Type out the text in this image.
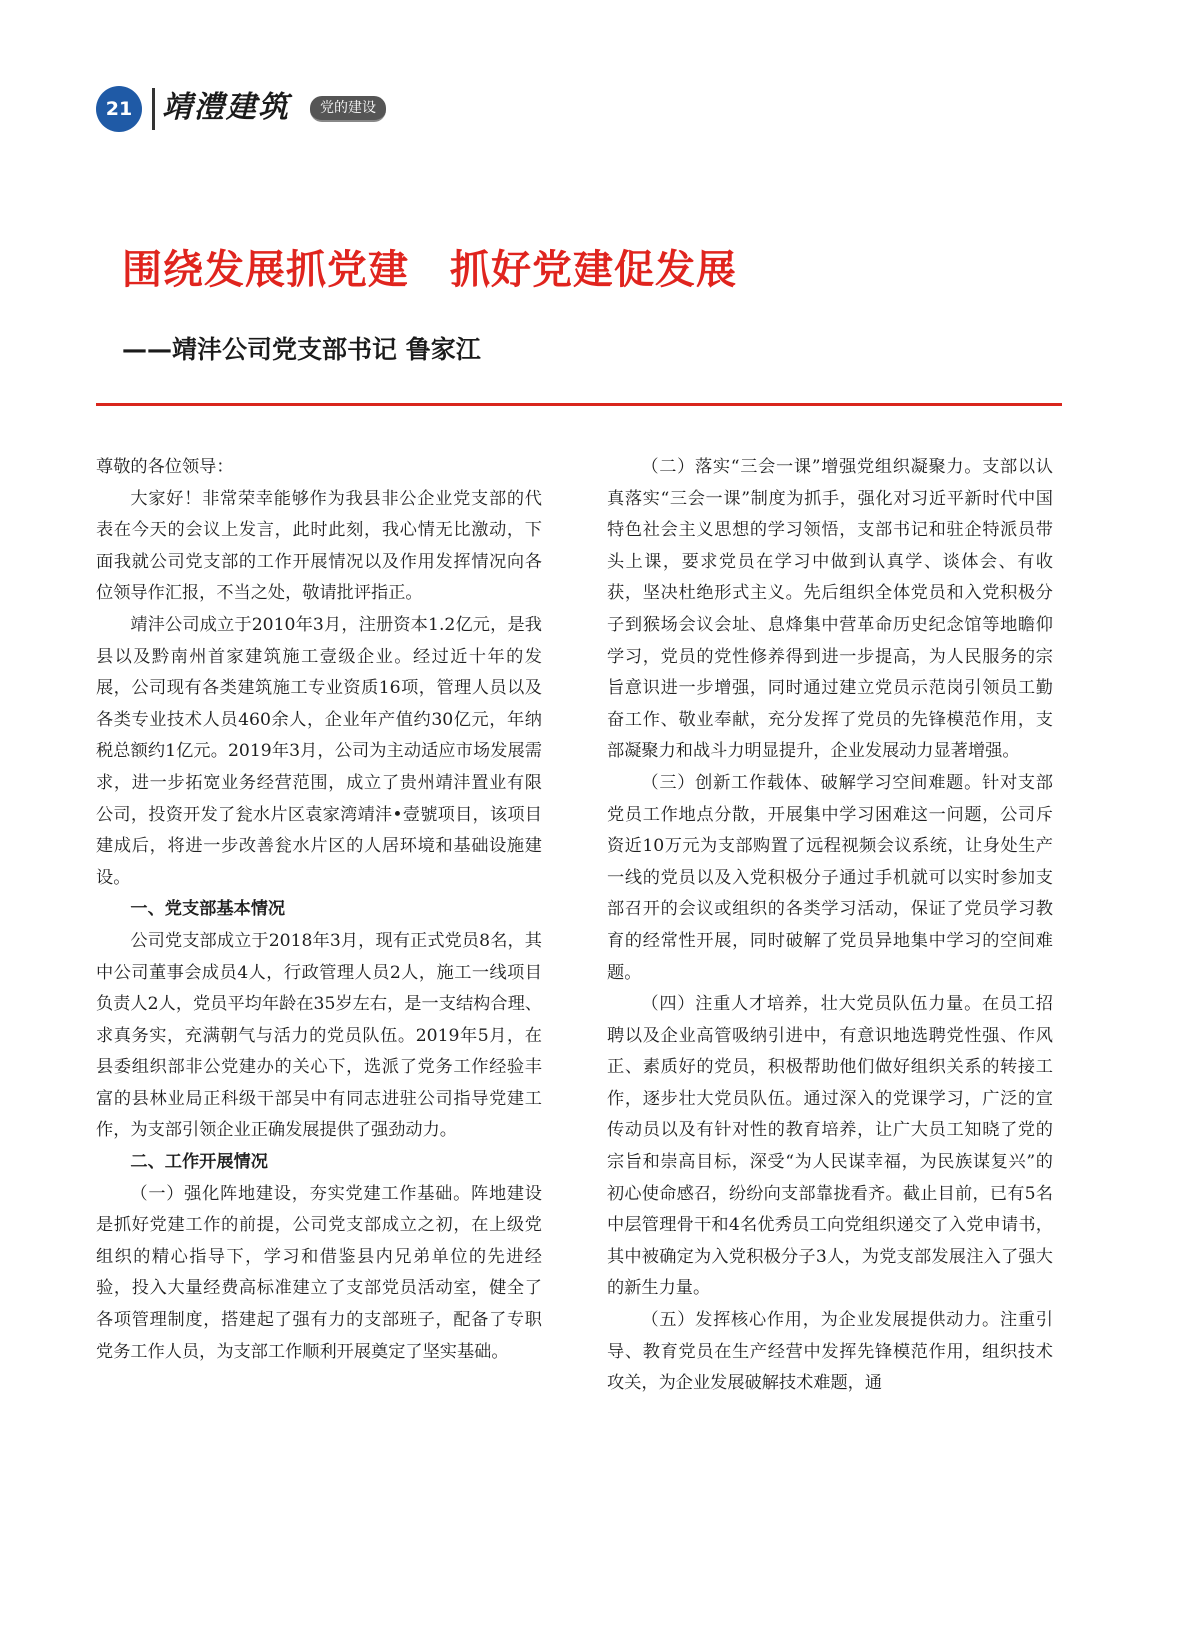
21 靖澧建筑	党的建设
围绕发展抓党建　抓好党建促发展
——靖沣公司党支部书记 鲁家江

尊敬的各位领导：

大家好！非常荣幸能够作为我县非公企业党支部的代表在今天的会议上发言，此时此刻，我心情无比激动，下面我就公司党支部的工作开展情况以及作用发挥情况向各位领导作汇报，不当之处，敬请批评指正。

靖沣公司成立于2010年3月，注册资本1.2亿元，是我县以及黔南州首家建筑施工壹级企业。经过近十年的发展，公司现有各类建筑施工专业资质16项，管理人员以及各类专业技术人员460余人，企业年产值约30亿元，年纳税总额约1亿元。2019年3月，公司为主动适应市场发展需求，进一步拓宽业务经营范围，成立了贵州靖沣置业有限公司，投资开发了瓮水片区袁家湾靖沣•壹號项目，该项目建成后，将进一步改善瓮水片区的人居环境和基础设施建设。

一、党支部基本情况

公司党支部成立于2018年3月，现有正式党员8名，其中公司董事会成员4人，行政管理人员2人，施工一线项目负责人2人，党员平均年龄在35岁左右，是一支结构合理、求真务实，充满朝气与活力的党员队伍。2019年5月，在县委组织部非公党建办的关心下，选派了党务工作经验丰富的县林业局正科级干部吴中有同志进驻公司指导党建工作，为支部引领企业正确发展提供了强劲动力。

二、工作开展情况

（一）强化阵地建设，夯实党建工作基础。阵地建设是抓好党建工作的前提，公司党支部成立之初，在上级党组织的精心指导下，学习和借鉴县内兄弟单位的先进经验，投入大量经费高标准建立了支部党员活动室，健全了各项管理制度，搭建起了强有力的支部班子，配备了专职党务工作人员，为支部工作顺利开展奠定了坚实基础。

（二）落实“三会一课”增强党组织凝聚力。支部以认真落实“三会一课”制度为抓手，强化对习近平新时代中国特色社会主义思想的学习领悟，支部书记和驻企特派员带头上课，要求党员在学习中做到认真学、谈体会、有收获，坚决杜绝形式主义。先后组织全体党员和入党积极分子到猴场会议会址、息烽集中营革命历史纪念馆等地瞻仰学习，党员的党性修养得到进一步提高，为人民服务的宗旨意识进一步增强，同时通过建立党员示范岗引领员工勤奋工作、敬业奉献，充分发挥了党员的先锋模范作用，支部凝聚力和战斗力明显提升，企业发展动力显著增强。

（三）创新工作载体、破解学习空间难题。针对支部党员工作地点分散，开展集中学习困难这一问题，公司斥资近10万元为支部购置了远程视频会议系统，让身处生产一线的党员以及入党积极分子通过手机就可以实时参加支部召开的会议或组织的各类学习活动，保证了党员学习教育的经常性开展，同时破解了党员异地集中学习的空间难题。

（四）注重人才培养，壮大党员队伍力量。在员工招聘以及企业高管吸纳引进中，有意识地选聘党性强、作风正、素质好的党员，积极帮助他们做好组织关系的转接工作，逐步壮大党员队伍。通过深入的党课学习，广泛的宣传动员以及有针对性的教育培养，让广大员工知晓了党的宗旨和崇高目标，深受“为人民谋幸福，为民族谋复兴”的初心使命感召，纷纷向支部靠拢看齐。截止目前，已有5名中层管理骨干和4名优秀员工向党组织递交了入党申请书，其中被确定为入党积极分子3人，为党支部发展注入了强大的新生力量。

（五）发挥核心作用，为企业发展提供动力。注重引导、教育党员在生产经营中发挥先锋模范作用，组织技术攻关，为企业发展破解技术难题，通
